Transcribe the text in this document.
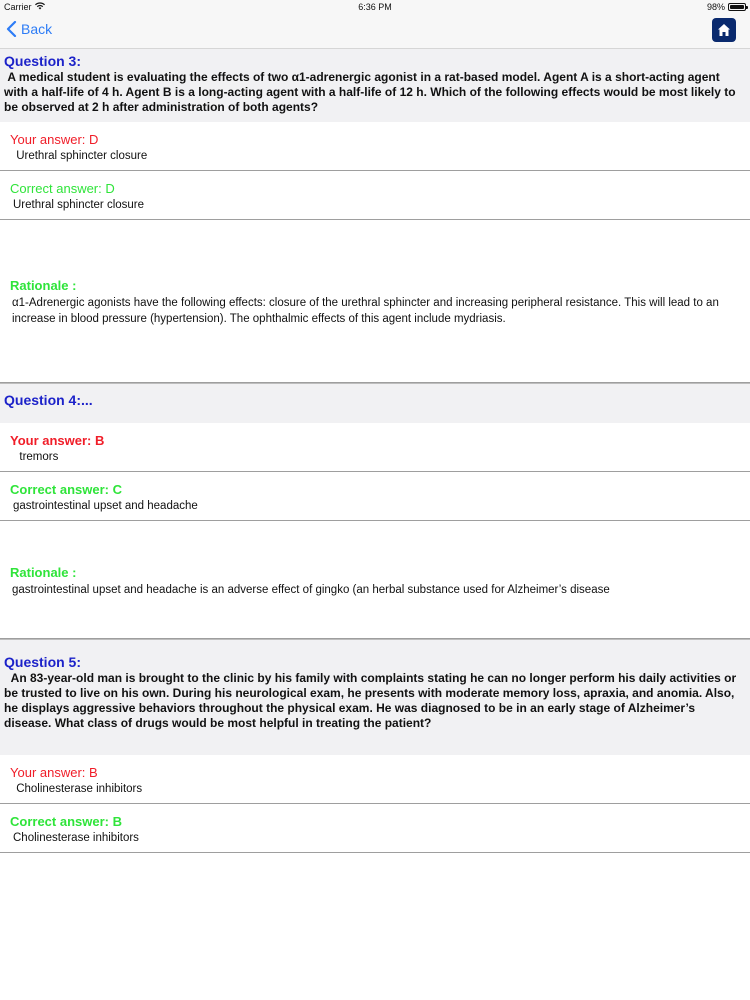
Carrier	6:36 PM	98%
Back
Question 3:
A medical student is evaluating the effects of two α1-adrenergic agonist in a rat-based model. Agent A is a short-acting agent
with a half-life of 4 h. Agent B is a long-acting agent with a half-life of 12 h. Which of the following effects would be most likely to
be observed at 2 h after administration of both agents?
Your answer: D
Urethral sphincter closure
Correct answer: D
Urethral sphincter closure
Rationale :
α1-Adrenergic agonists have the following effects: closure of the urethral sphincter and increasing peripheral resistance. This will lead to an increase in blood pressure (hypertension). The ophthalmic effects of this agent include mydriasis.
Question 4:...
Your answer: B
tremors
Correct answer: C
gastrointestinal upset and headache
Rationale :
gastrointestinal upset and headache is an adverse effect of gingko (an herbal substance used for Alzheimer’s disease
Question 5:
An 83-year-old man is brought to the clinic by his family with complaints stating he can no longer perform his daily activities or
be trusted to live on his own. During his neurological exam, he presents with moderate memory loss, apraxia, and anomia. Also,
he displays aggressive behaviors throughout the physical exam. He was diagnosed to be in an early stage of Alzheimer’s
disease. What class of drugs would be most helpful in treating the patient?
Your answer: B
Cholinesterase inhibitors
Correct answer: B
Cholinesterase inhibitors
